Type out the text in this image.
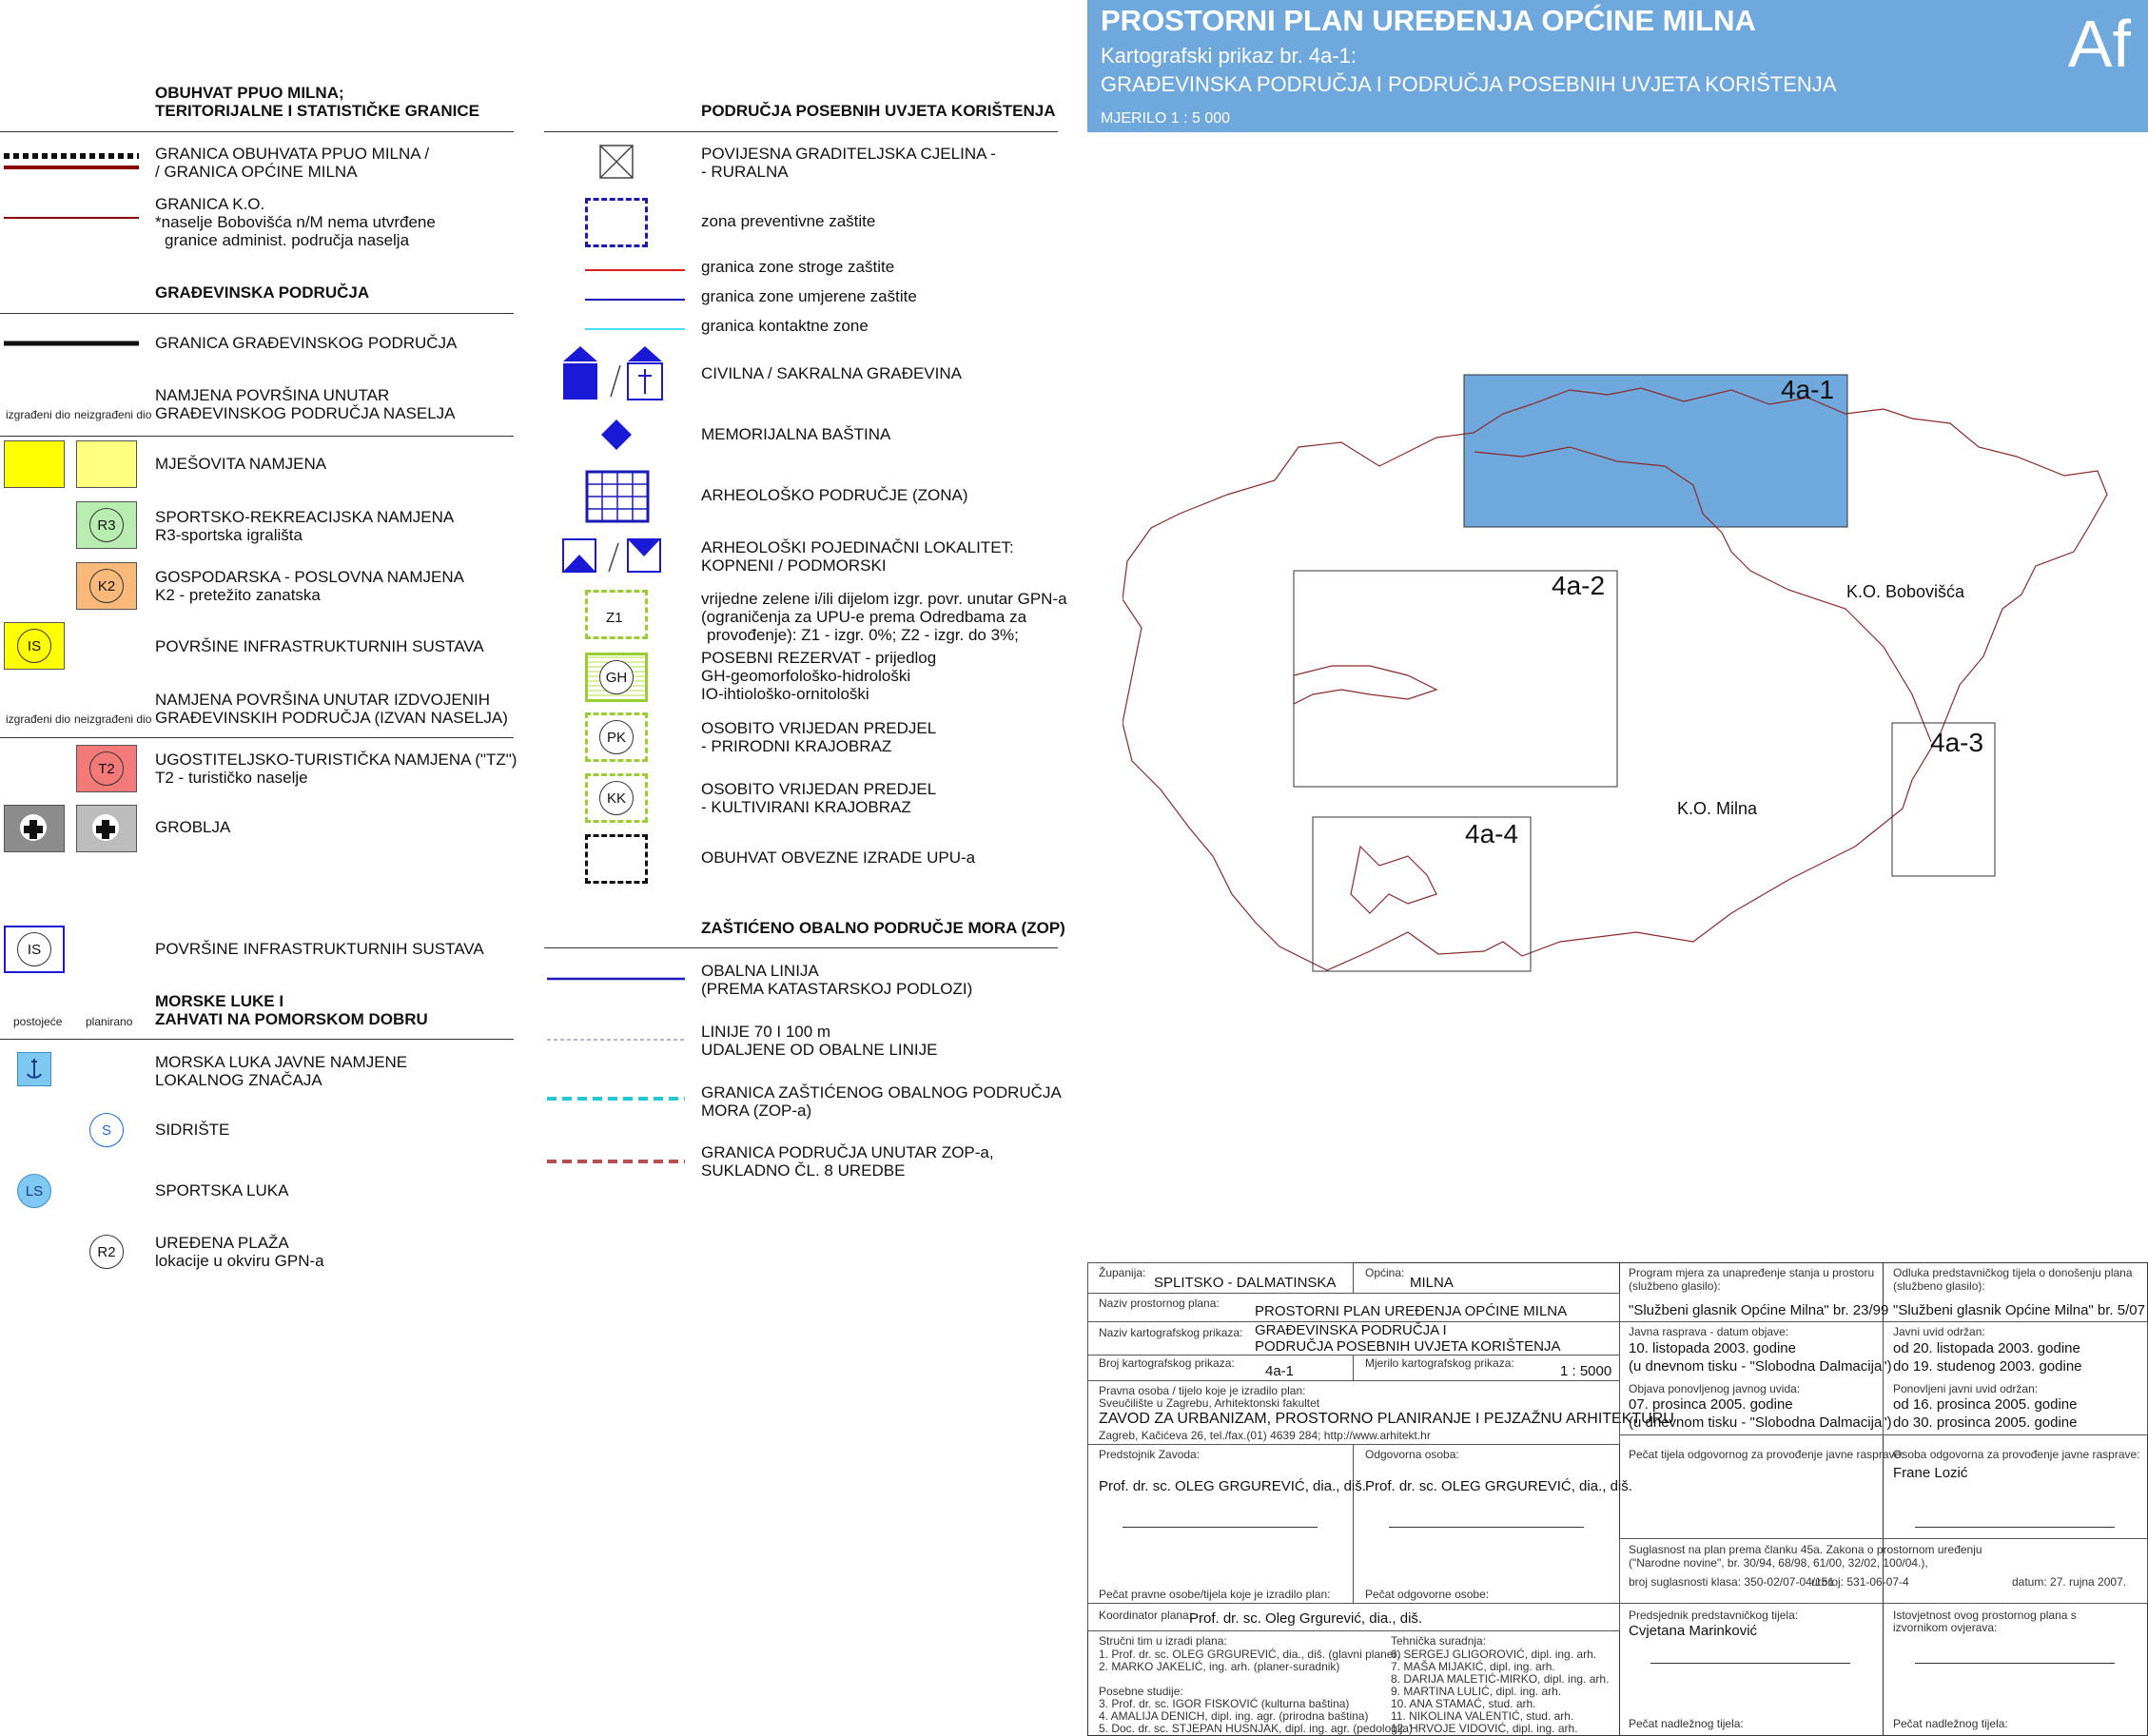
OBUHVAT PPUO MILNA;
TERITORIJALNE I STATISTIČKE GRANICE
GRANICA OBUHVATA PPUO MILNA /
/ GRANICA OPĆINE MILNA
GRANICA K.O.
*naselje Bobovišća n/M nema utvrđene
granice administ. područja naselja
GRAĐEVINSKA PODRUČJA
GRANICA GRAĐEVINSKOG PODRUČJA
izgrađeni dio neizgrađeni dio
NAMJENA POVRŠINA UNUTAR
GRAĐEVINSKOG PODRUČJA NASELJA
MJEŠOVITA NAMJENA
R3	SPORTSKO-REKREACIJSKA NAMJENA
R3-sportska igrališta
K2	GOSPODARSKA - POSLOVNA NAMJENA
K2 - pretežito zanatska
IS	POVRŠINE INFRASTRUKTURNIH SUSTAVA
izgrađeni dio neizgrađeni dio
NAMJENA POVRŠINA UNUTAR IZDVOJENIH
GRAĐEVINSKIH PODRUČJA (IZVAN NASELJA)
T2	UGOSTITELJSKO-TURISTIČKA NAMJENA ("TZ")
T2 - turističko naselje
GROBLJA
IS	POVRŠINE INFRASTRUKTURNIH SUSTAVA
postojeće planirano
MORSKE LUKE I
ZAHVATI NA POMORSKOM DOBRU
MORSKA LUKA JAVNE NAMJENE
LOKALNOG ZNAČAJA
S	SIDRIŠTE
LS	SPORTSKA LUKA
R2	UREĐENA PLAŽA
lokacije u okviru GPN-a
PODRUČJA POSEBNIH UVJETA KORIŠTENJA
POVIJESNA GRADITELJSKA CJELINA -
- RURALNA
zona preventivne zaštite
granica zone stroge zaštite
granica zone umjerene zaštite
granica kontaktne zone
CIVILNA / SAKRALNA GRAĐEVINA
MEMORIJALNA BAŠTINA
ARHEOLOŠKO PODRUČJE (ZONA)
ARHEOLOŠKI POJEDINAČNI LOKALITET:
KOPNENI / PODMORSKI
Z1
vrijedne zelene i/ili dijelom izgr. povr. unutar GPN-a
(ograničenja za UPU-e prema Odredbama za
provođenje): Z1 - izgr. 0%; Z2 - izgr. do 3%;
GH
POSEBNI REZERVAT - prijedlog
GH-geomorfološko-hidrološki
IO-ihtiološko-ornitološki
PK	OSOBITO VRIJEDAN PREDJEL
- PRIRODNI KRAJOBRAZ
KK	OSOBITO VRIJEDAN PREDJEL
- KULTIVIRANI KRAJOBRAZ
OBUHVAT OBVEZNE IZRADE UPU-a
ZAŠTIĆENO OBALNO PODRUČJE MORA (ZOP)
OBALNA LINIJA
(PREMA KATASTARSKOJ PODLOZI)
LINIJE 70 I 100 m
UDALJENE OD OBALNE LINIJE
GRANICA ZAŠTIĆENOG OBALNOG PODRUČJA
MORA (ZOP-a)
GRANICA PODRUČJA UNUTAR ZOP-a,
SUKLADNO ČL. 8 UREDBE
PROSTORNI PLAN UREĐENJA OPĆINE MILNA
Kartografski prikaz br. 4a-1:
GRAĐEVINSKA PODRUČJA I PODRUČJA POSEBNIH UVJETA KORIŠTENJA
MJERILO 1 : 5 000
Af
4a-1
4a-2
4a-3
4a-4
K.O. Bobovišća
K.O. Milna
Županija:
SPLITSKO - DALMATINSKA
Općina:
MILNA
Naziv prostornog plana: PROSTORNI PLAN UREĐENJA OPĆINE MILNA
Naziv kartografskog prikaza: GRAĐEVINSKA PODRUČJA I
PODRUČJA POSEBNIH UVJETA KORIŠTENJA
Broj kartografskog prikaza: 4a-1	Mjerilo kartografskog prikaza:	1 : 5000
Pravna osoba / tijelo koje je izradilo plan:
Sveučilište u Zagrebu, Arhitektonski fakultet
ZAVOD ZA URBANIZAM, PROSTORNO PLANIRANJE I PEJZAŽNU ARHITEKTURU
Zagreb, Kačićeva 26, tel./fax.(01) 4639 284; http://www.arhitekt.hr
Predstojnik Zavoda:
Prof. dr. sc. OLEG GRGUREVIĆ, dia., diš.
Pečat pravne osobe/tijela koje je izradilo plan:
Odgovorna osoba:
Prof. dr. sc. OLEG GRGUREVIĆ, dia., diš.
Pečat odgovorne osobe:
Koordinator plana:
Prof. dr. sc. Oleg Grgurević, dia., diš.
Stručni tim u izradi plana:
1. Prof. dr. sc. OLEG GRGUREVIĆ, dia., diš. (glavni planer)
2. MARKO JAKELIĆ, ing. arh. (planer-suradnik)
Posebne studije:
3. Prof. dr. sc. IGOR FISKOVIĆ (kulturna baština)
4. AMALIJA DENICH, dipl. ing. agr. (prirodna baština)
5. Doc. dr. sc. STJEPAN HUSNJAK, dipl. ing. agr. (pedologija)
Tehnička suradnja:
6. SERGEJ GLIGOROVIĆ, dipl. ing. arh.
7. MAŠA MIJAKIĆ, dipl. ing. arh.
8. DARIJA MALETIĆ-MIRKO, dipl. ing. arh.
9. MARTINA LULIĆ, dipl. ing. arh.
10. ANA STAMAĆ, stud. arh.
11. NIKOLINA VALENTIĆ, stud. arh.
12. HRVOJE VIDOVIĆ, dipl. ing. arh.
Program mjera za unapređenje stanja u prostoru
(službeno glasilo):
"Službeni glasnik Općine Milna" br. 23/99
Javna rasprava - datum objave:
10. listopada 2003. godine
(u dnevnom tisku - "Slobodna Dalmacija")
Objava ponovljenog javnog uvida:
07. prosinca 2005. godine
(u dnevnom tisku - "Slobodna Dalmacija")
Pečat tijela odgovornog za provođenje javne rasprave:
Odluka predstavničkog tijela o donošenju plana
(službeno glasilo):
"Službeni glasnik Općine Milna" br. 5/07
Javni uvid održan:
od 20. listopada 2003. godine
do 19. studenog 2003. godine
Ponovljeni javni uvid održan:
od 16. prosinca 2005. godine
do 30. prosinca 2005. godine
Osoba odgovorna za provođenje javne rasprave:
Frane Lozić
Suglasnost na plan prema članku 45a. Zakona o prostornom uređenju
("Narodne novine", br. 30/94, 68/98, 61/00, 32/02, 100/04.),
broj suglasnosti klasa: 350-02/07-04/151
urbroj: 531-06-07-4	datum: 27. rujna 2007.
Predsjednik predstavničkog tijela:
Cvjetana Marinković
Pečat nadležnog tijela:
Istovjetnost ovog prostornog plana s
izvornikom ovjerava:
Pečat nadležnog tijela:
